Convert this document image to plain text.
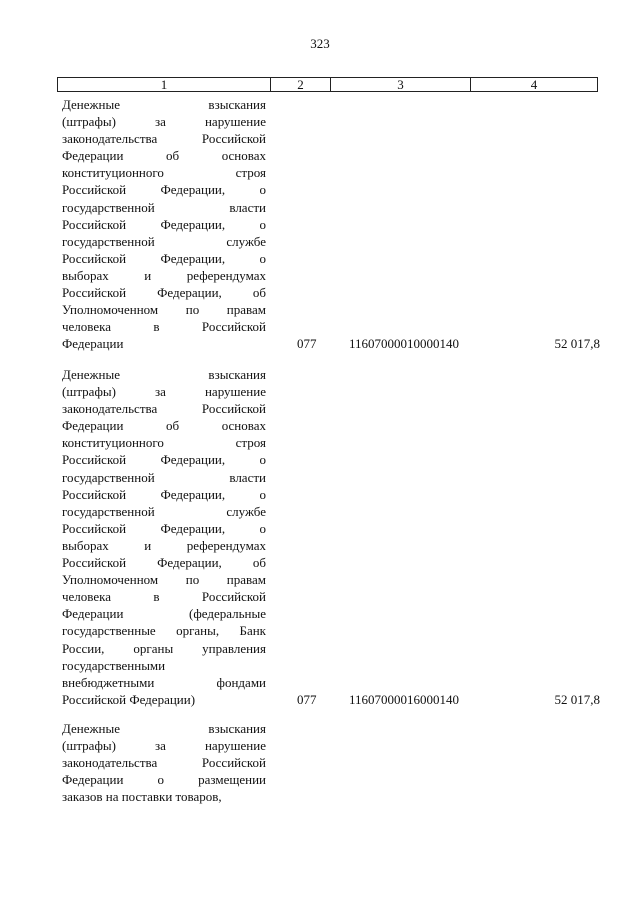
323
1	2	3	4
Денежные взыскания
(штрафы) за нарушение
законодательства Российской
Федерации об основах
конституционного строя
Российской Федерации, о
государственной власти
Российской Федерации, о
государственной службе
Российской Федерации, о
выборах и референдумах
Российской Федерации, об
Уполномоченном по правам
человека в Российской
Федерации	077	11607000010000140	52 017,8
Денежные взыскания
(штрафы) за нарушение
законодательства Российской
Федерации об основах
конституционного строя
Российской Федерации, о
государственной власти
Российской Федерации, о
государственной службе
Российской Федерации, о
выборах и референдумах
Российской Федерации, об
Уполномоченном по правам
человека в Российской
Федерации (федеральные
государственные органы, Банк
России, органы управления
государственными
внебюджетными фондами
Российской Федерации)	077	11607000016000140	52 017,8
Денежные взыскания
(штрафы) за нарушение
законодательства Российской
Федерации о размещении
заказов на поставки товаров,
